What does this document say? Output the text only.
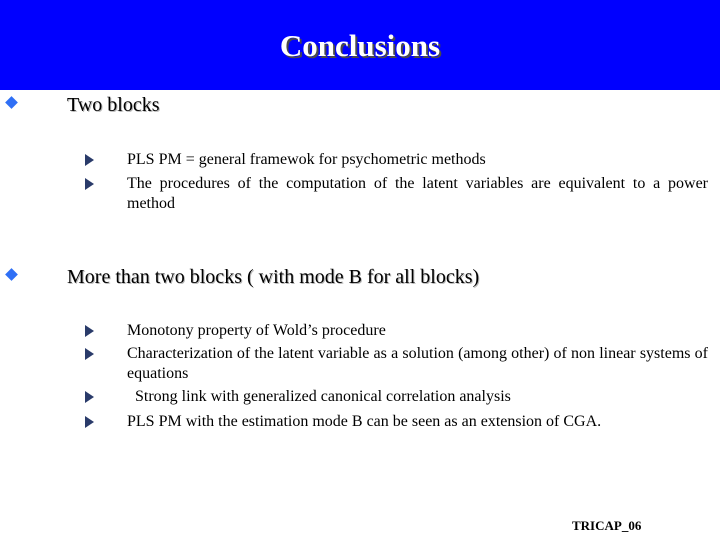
Conclusions
Two blocks
PLS PM = general framewok for psychometric methods
The procedures of the computation of the latent variables are equivalent to a power method
More than two blocks ( with mode B for all blocks)
Monotony property of Wold’s procedure
Characterization of the latent variable as a solution (among other) of non linear systems of equations
Strong link with generalized canonical correlation analysis
PLS PM with the estimation mode B can be seen as an extension of CGA.
TRICAP_06
